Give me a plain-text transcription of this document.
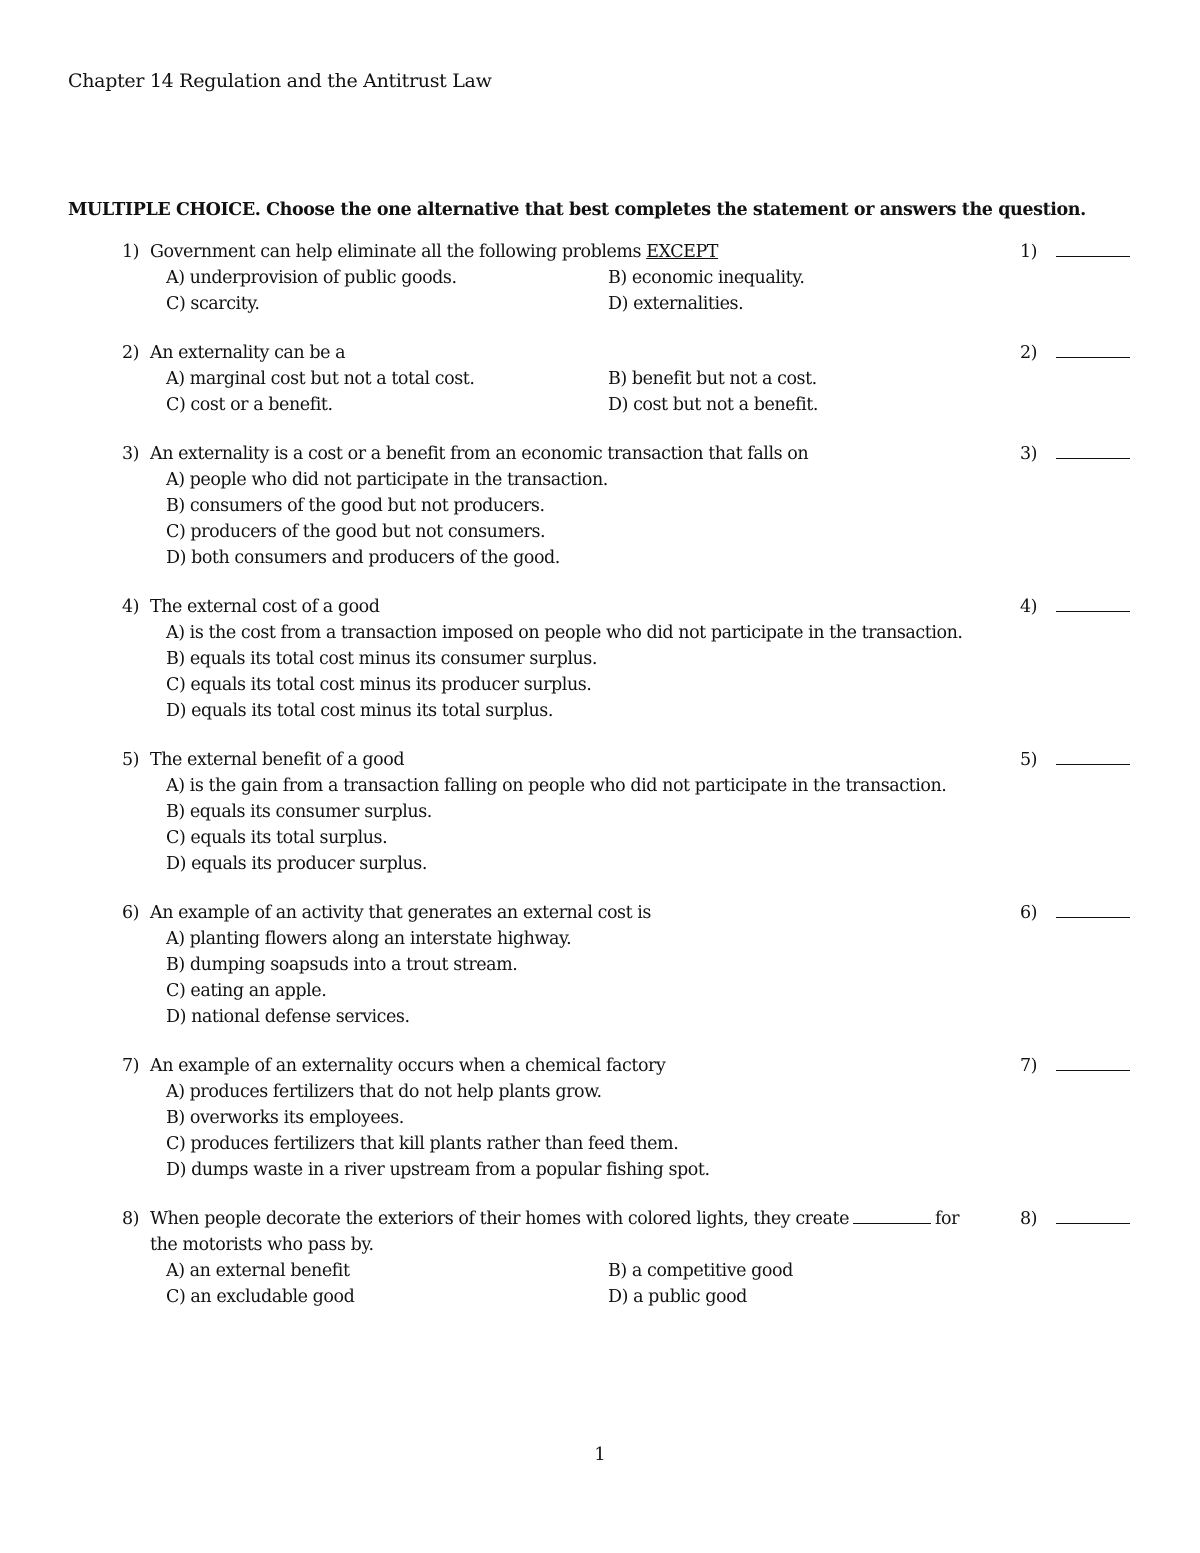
Chapter 14 Regulation and the Antitrust Law
MULTIPLE CHOICE. Choose the one alternative that best completes the statement or answers the question.
1) Government can help eliminate all the following problems EXCEPT	1)
A) underprovision of public goods.	B) economic inequality.
C) scarcity.	D) externalities.
2) An externality can be a	2)
A) marginal cost but not a total cost.	B) benefit but not a cost.
C) cost or a benefit.	D) cost but not a benefit.
3) An externality is a cost or a benefit from an economic transaction that falls on	3)
A) people who did not participate in the transaction.
B) consumers of the good but not producers.
C) producers of the good but not consumers.
D) both consumers and producers of the good.
4) The external cost of a good	4)
A) is the cost from a transaction imposed on people who did not participate in the transaction.
B) equals its total cost minus its consumer surplus.
C) equals its total cost minus its producer surplus.
D) equals its total cost minus its total surplus.
5) The external benefit of a good	5)
A) is the gain from a transaction falling on people who did not participate in the transaction.
B) equals its consumer surplus.
C) equals its total surplus.
D) equals its producer surplus.
6) An example of an activity that generates an external cost is	6)
A) planting flowers along an interstate highway.
B) dumping soapsuds into a trout stream.
C) eating an apple.
D) national defense services.
7) An example of an externality occurs when a chemical factory	7)
A) produces fertilizers that do not help plants grow.
B) overworks its employees.
C) produces fertilizers that kill plants rather than feed them.
D) dumps waste in a river upstream from a popular fishing spot.
8) When people decorate the exteriors of their homes with colored lights, they create	for	8)
the motorists who pass by.
A) an external benefit	B) a competitive good
C) an excludable good	D) a public good
1
